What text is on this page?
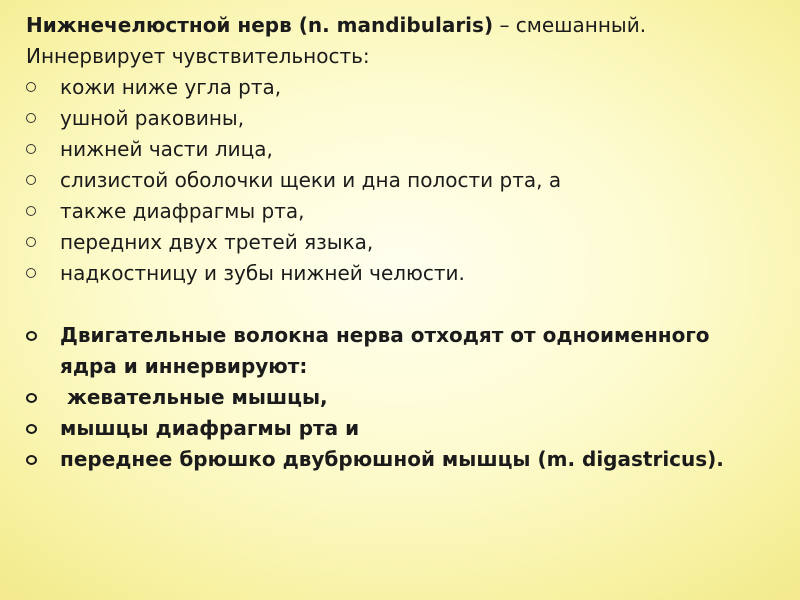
Нижнечелюстной нерв (n. mandibularis) – смешанный.
Иннервирует чувствительность:
кожи ниже угла рта,
ушной раковины,
нижней части лица,
слизистой оболочки щеки и дна полости рта, а
также диафрагмы рта,
передних двух третей языка,
надкостницу и зубы нижней челюсти.
Двигательные волокна нерва отходят от одноименного
ядра и иннервируют:
жевательные мышцы,
мышцы диафрагмы рта и
переднее брюшко двубрюшной мышцы (m. digastricus).
